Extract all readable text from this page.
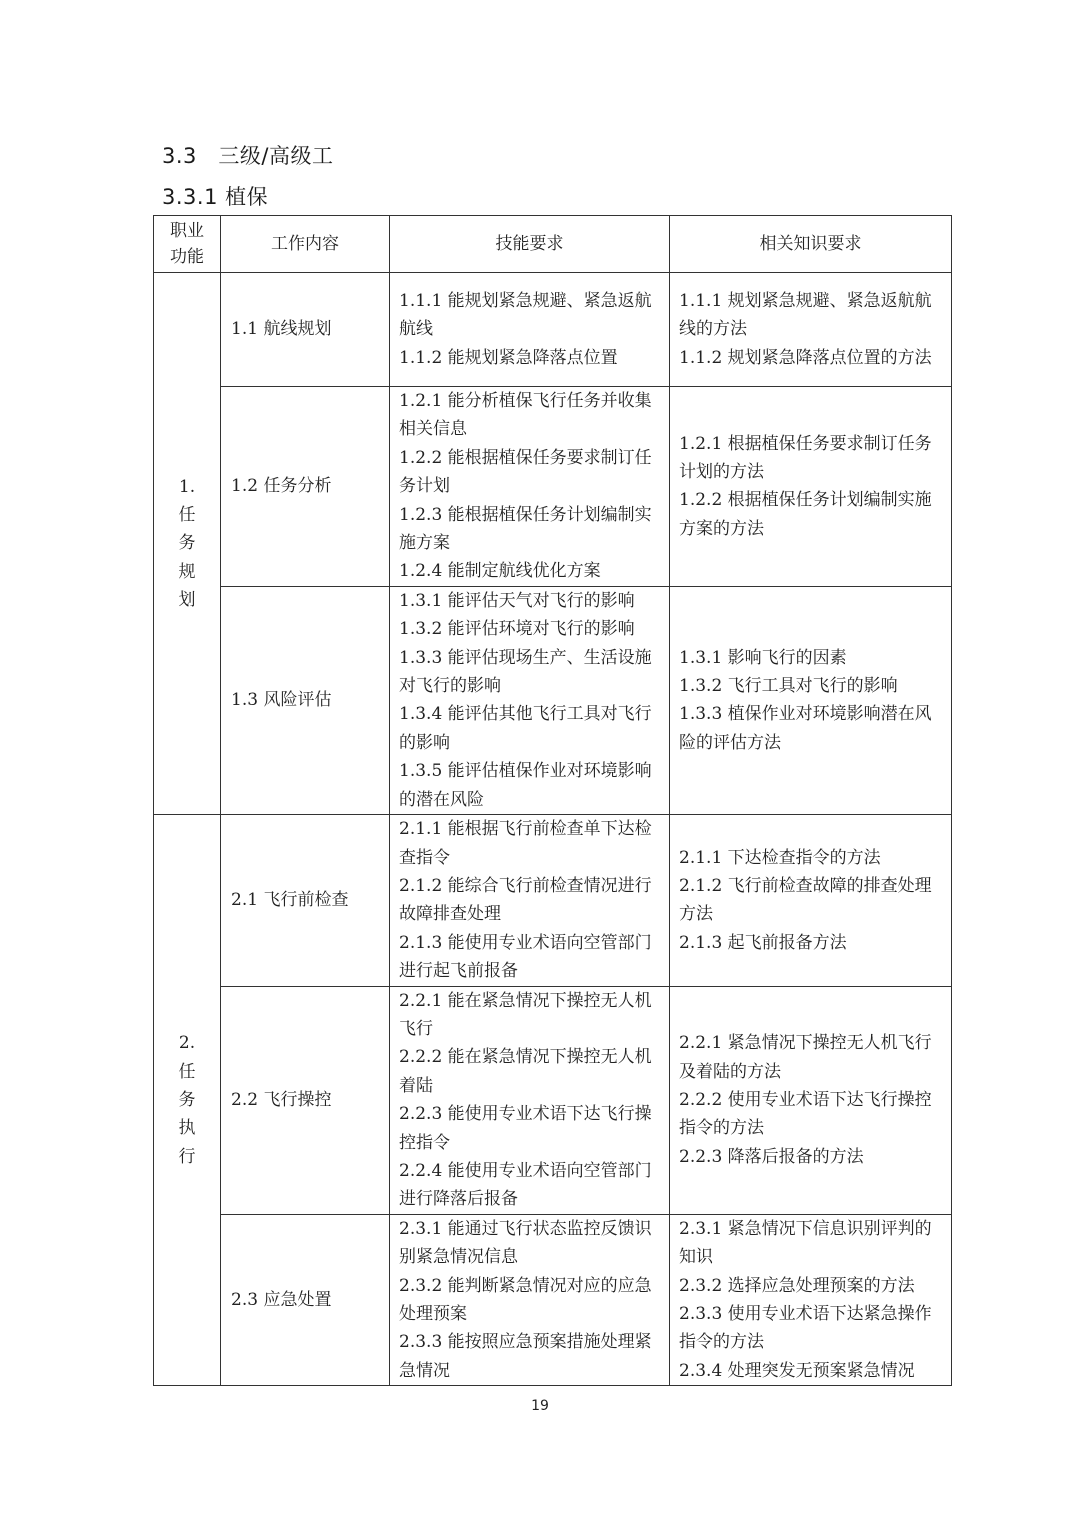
3.3　三级/高级工
3.3.1 植保
职业功能	工作内容	技能要求	相关知识要求
1.任务规划	1.1 航线规划	1.1.1 能规划紧急规避、紧急返航航线
1.1.2 能规划紧急降落点位置	1.1.1 规划紧急规避、紧急返航航线的方法
1.1.2 规划紧急降落点位置的方法

	1.2 任务分析	1.2.1 能分析植保飞行任务并收集相关信息
1.2.2 能根据植保任务要求制订任务计划
1.2.3 能根据植保任务计划编制实施方案
1.2.4 能制定航线优化方案	1.2.1 根据植保任务要求制订任务计划的方法
1.2.2 根据植保任务计划编制实施方案的方法

	1.3 风险评估	1.3.1 能评估天气对飞行的影响
1.3.2 能评估环境对飞行的影响
1.3.3 能评估现场生产、生活设施对飞行的影响
1.3.4 能评估其他飞行工具对飞行的影响
1.3.5 能评估植保作业对环境影响的潜在风险	1.3.1 影响飞行的因素
1.3.2 飞行工具对飞行的影响
1.3.3 植保作业对环境影响潜在风险的评估方法

2.任务执行	2.1 飞行前检查	2.1.1 能根据飞行前检查单下达检查指令
2.1.2 能综合飞行前检查情况进行故障排查处理
2.1.3 能使用专业术语向空管部门进行起飞前报备	2.1.1 下达检查指令的方法
2.1.2 飞行前检查故障的排查处理方法
2.1.3 起飞前报备方法

	2.2 飞行操控	2.2.1 能在紧急情况下操控无人机飞行
2.2.2 能在紧急情况下操控无人机着陆
2.2.3 能使用专业术语下达飞行操控指令
2.2.4 能使用专业术语向空管部门进行降落后报备	2.2.1 紧急情况下操控无人机飞行及着陆的方法
2.2.2 使用专业术语下达飞行操控指令的方法
2.2.3 降落后报备的方法

	2.3 应急处置	2.3.1 能通过飞行状态监控反馈识别紧急情况信息
2.3.2 能判断紧急情况对应的应急处理预案
2.3.3 能按照应急预案措施处理紧急情况	2.3.1 紧急情况下信息识别评判的知识
2.3.2 选择应急处理预案的方法
2.3.3 使用专业术语下达紧急操作指令的方法
2.3.4 处理突发无预案紧急情况
19
